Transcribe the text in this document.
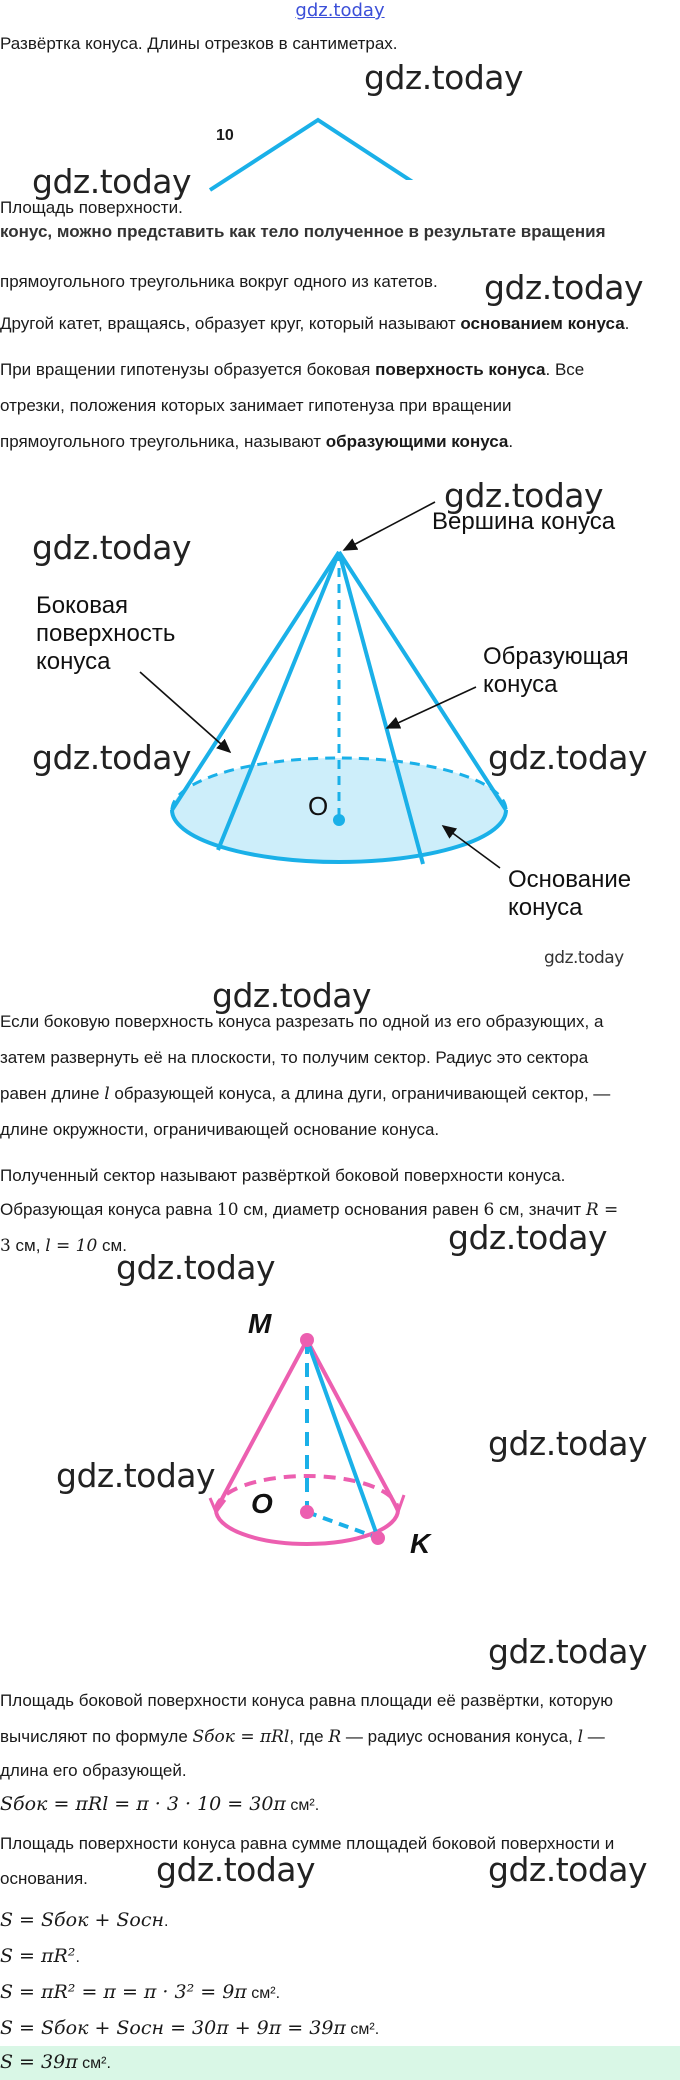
gdz.today

Развёртка конуса. Длины отрезков в сантиметрах.

10

Площадь поверхности.

конус, можно представить как тело полученное в результате вращения

прямоугольного треугольника вокруг одного из катетов.

Другой катет, вращаясь, образует круг, который называют основанием конуса.

При вращении гипотенузы образуется боковая поверхность конуса. Все

отрезки, положения которых занимает гипотенуза при вращении

прямоугольного треугольника, называют образующими конуса.

Вершина конуса
Боковая
поверхность
конуса	Образующая
конуса
O
Основание
конуса

Если боковую поверхность конуса разрезать по одной из его образующих, а

затем развернуть её на плоскости, то получим сектор. Радиус это сектора

равен длине l образующей конуса, а длина дуги, ограничивающей сектор, —

длине окружности, ограничивающей основание конуса.

Полученный сектор называют развёрткой боковой поверхности конуса.

Образующая конуса равна 10 см, диаметр основания равен 6 см, значит R =

3 см, l = 10 см.

M
O
K

Площадь боковой поверхности конуса равна площади её развёртки, которую

вычисляют по формуле Sбок = πRl, где R — радиус основания конуса, l —

длина его образующей.

Sбок = πRl = π · 3 · 10 = 30π см².

Площадь поверхности конуса равна сумме площадей боковой поверхности и

основания.

S = Sбок + Sосн.
S = πR².
S = πR² = π = π · 3² = 9π см².
S = Sбок + Sосн = 30π + 9π = 39π см².
S = 39π см².
gdz.today
gdz.today
gdz.today
gdz.today
gdz.today
gdz.today	gdz.today
gdz.today
gdz.today
gdz.today
gdz.today
gdz.today
gdz.today
gdz.today
gdz.today	gdz.today
